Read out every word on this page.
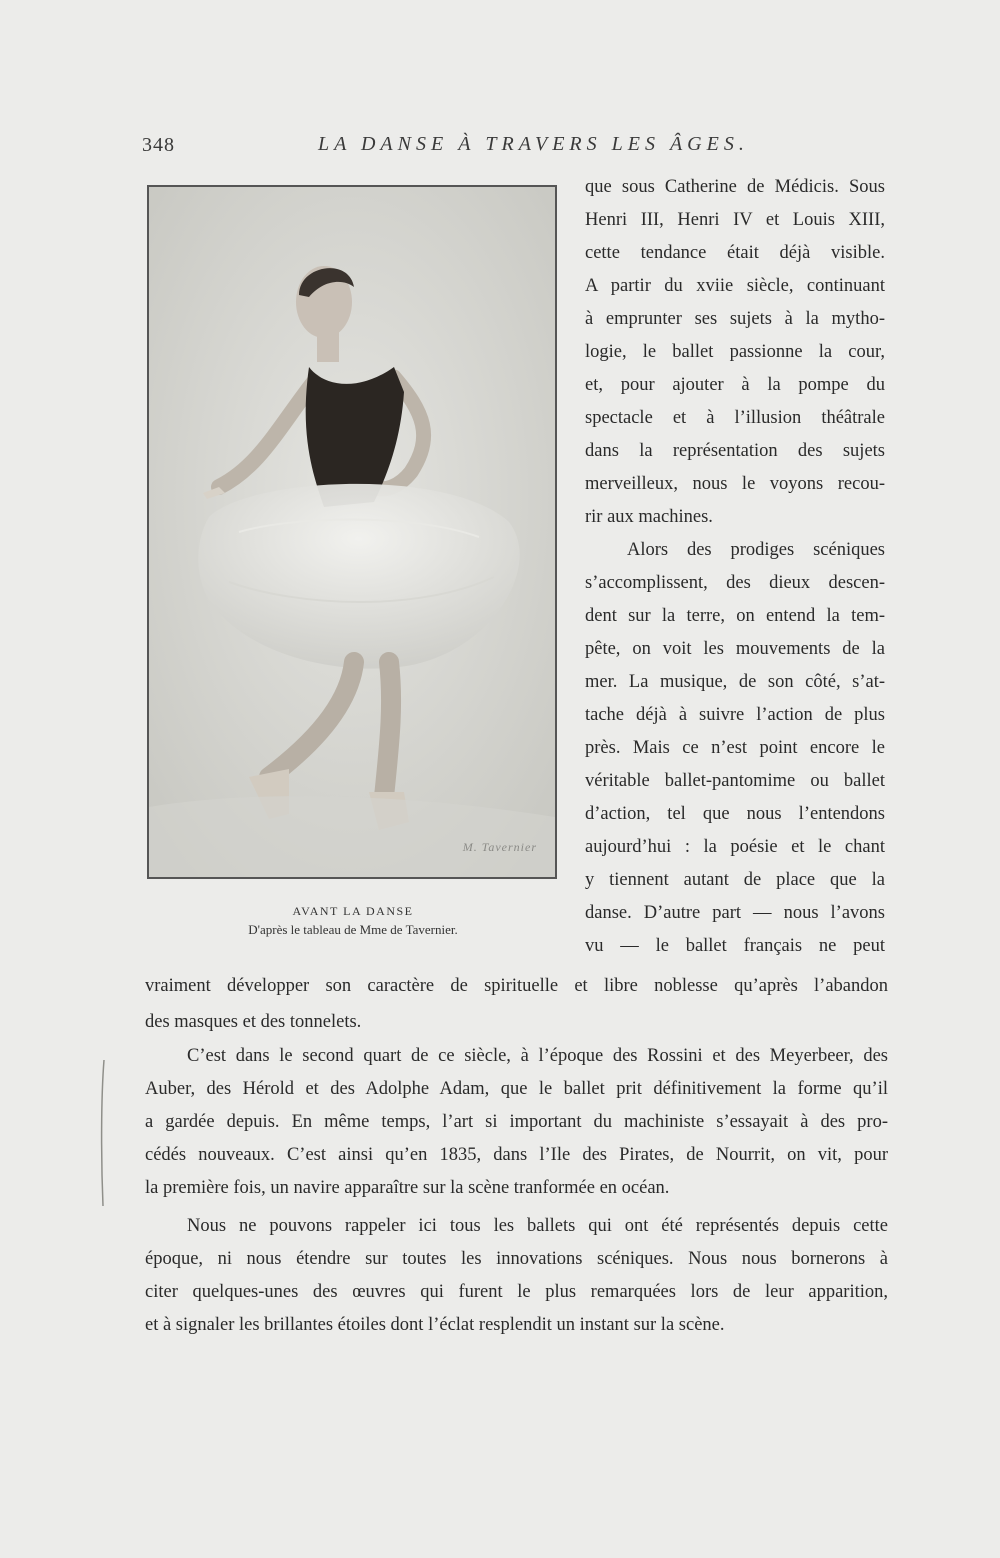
348	LA DANSE À TRAVERS LES ÂGES.
M. Tavernier
AVANT LA DANSE
D'après le tableau de Mme de Tavernier.
que sous Catherine de Médicis. Sous
Henri III, Henri IV et Louis XIII,
cette tendance était déjà visible.
A partir du xviie siècle, continuant
à emprunter ses sujets à la mytho-
logie, le ballet passionne la cour,
et, pour ajouter à la pompe du
spectacle et à l’illusion théâtrale
dans la représentation des sujets
merveilleux, nous le voyons recou-
rir aux machines.
Alors des prodiges scéniques
s’accomplissent, des dieux descen-
dent sur la terre, on entend la tem-
pête, on voit les mouvements de la
mer. La musique, de son côté, s’at-
tache déjà à suivre l’action de plus
près. Mais ce n’est point encore le
véritable ballet-pantomime ou ballet
d’action, tel que nous l’entendons
aujourd’hui : la poésie et le chant
y tiennent autant de place que la
danse. D’autre part — nous l’avons
vu — le ballet français ne peut
vraiment développer son caractère de spirituelle et libre noblesse qu’après l’abandon
des masques et des tonnelets.
C’est dans le second quart de ce siècle, à l’époque des Rossini et des Meyerbeer, des
Auber, des Hérold et des Adolphe Adam, que le ballet prit définitivement la forme qu’il
a gardée depuis. En même temps, l’art si important du machiniste s’essayait à des pro-
cédés nouveaux. C’est ainsi qu’en 1835, dans l’Ile des Pirates, de Nourrit, on vit, pour
la première fois, un navire apparaître sur la scène tranformée en océan.
Nous ne pouvons rappeler ici tous les ballets qui ont été représentés depuis cette
époque, ni nous étendre sur toutes les innovations scéniques. Nous nous bornerons à
citer quelques-unes des œuvres qui furent le plus remarquées lors de leur apparition,
et à signaler les brillantes étoiles dont l’éclat resplendit un instant sur la scène.
